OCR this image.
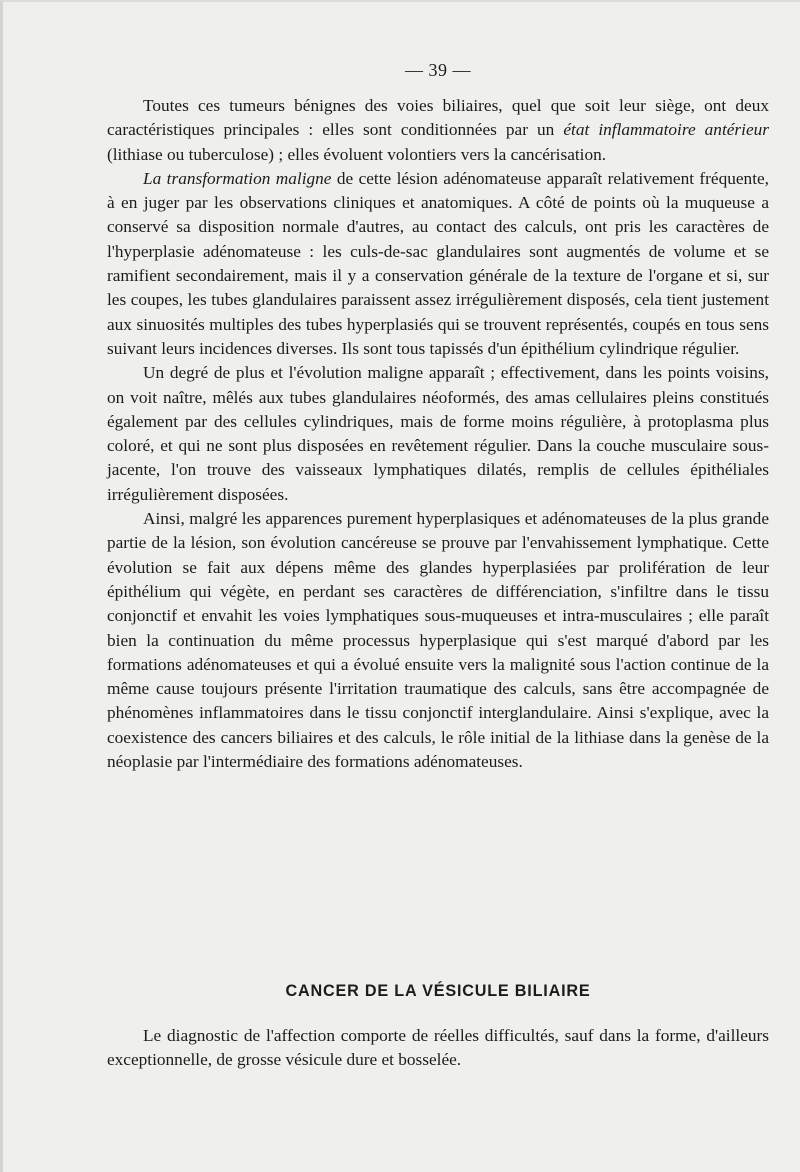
— 39 —

Toutes ces tumeurs bénignes des voies biliaires, quel que soit leur siège, ont deux caractéristiques principales : elles sont conditionnées par un état inflammatoire antérieur (lithiase ou tuberculose) ; elles évoluent volontiers vers la cancérisation.

La transformation maligne de cette lésion adénomateuse apparaît relativement fréquente, à en juger par les observations cliniques et anatomiques. A côté de points où la muqueuse a conservé sa disposition normale d'autres, au contact des calculs, ont pris les caractères de l'hyperplasie adénomateuse : les culs-de-sac glandulaires sont augmentés de volume et se ramifient secondairement, mais il y a conservation générale de la texture de l'organe et si, sur les coupes, les tubes glandulaires paraissent assez irrégulièrement disposés, cela tient justement aux sinuosités multiples des tubes hyperplasiés qui se trouvent représentés, coupés en tous sens suivant leurs incidences diverses. Ils sont tous tapissés d'un épithélium cylindrique régulier.

Un degré de plus et l'évolution maligne apparaît ; effectivement, dans les points voisins, on voit naître, mêlés aux tubes glandulaires néoformés, des amas cellulaires pleins constitués également par des cellules cylindriques, mais de forme moins régulière, à protoplasma plus coloré, et qui ne sont plus disposées en revêtement régulier. Dans la couche musculaire sous-jacente, l'on trouve des vaisseaux lymphatiques dilatés, remplis de cellules épithéliales irrégulièrement disposées.

Ainsi, malgré les apparences purement hyperplasiques et adénomateuses de la plus grande partie de la lésion, son évolution cancéreuse se prouve par l'envahissement lymphatique. Cette évolution se fait aux dépens même des glandes hyperplasiées par prolifération de leur épithélium qui végète, en perdant ses caractères de différenciation, s'infiltre dans le tissu conjonctif et envahit les voies lymphatiques sous-muqueuses et intra-musculaires ; elle paraît bien la continuation du même processus hyperplasique qui s'est marqué d'abord par les formations adénomateuses et qui a évolué ensuite vers la malignité sous l'action continue de la même cause toujours présente l'irritation traumatique des calculs, sans être accompagnée de phénomènes inflammatoires dans le tissu conjonctif interglandulaire. Ainsi s'explique, avec la coexistence des cancers biliaires et des calculs, le rôle initial de la lithiase dans la genèse de la néoplasie par l'intermédiaire des formations adénomateuses.

CANCER DE LA VÉSICULE BILIAIRE

Le diagnostic de l'affection comporte de réelles difficultés, sauf dans la forme, d'ailleurs exceptionnelle, de grosse vésicule dure et bosselée.
